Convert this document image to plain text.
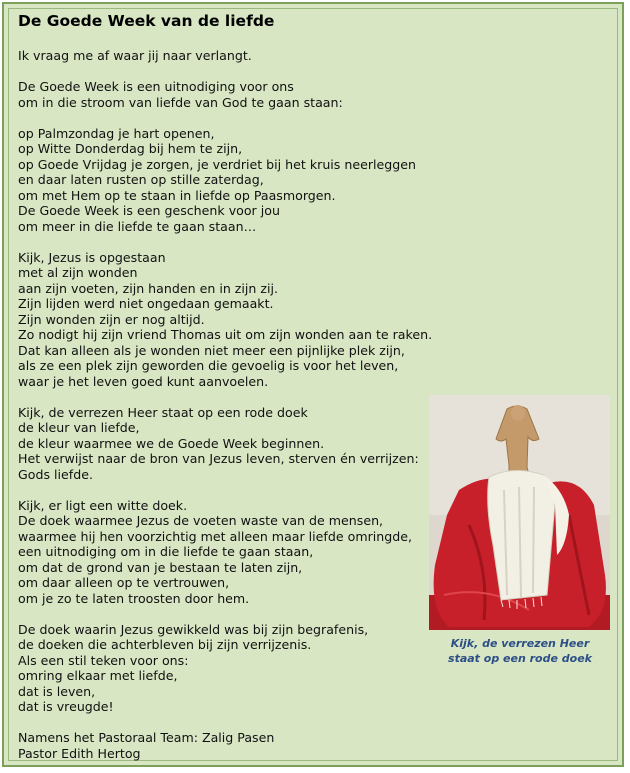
De Goede Week van de liefde
Ik vraag me af waar jij naar verlangt.
De Goede Week is een uitnodiging voor ons
om in die stroom van liefde van God te gaan staan:
op Palmzondag je hart openen,
op Witte Donderdag bij hem te zijn,
op Goede Vrijdag je zorgen, je verdriet bij het kruis neerleggen
en daar laten rusten op stille zaterdag,
om met Hem op te staan in liefde op Paasmorgen.
De Goede Week is een geschenk voor jou
om meer in die liefde te gaan staan…
Kijk, Jezus is opgestaan
met al zijn wonden
aan zijn voeten, zijn handen en in zijn zij.
Zijn lijden werd niet ongedaan gemaakt.
Zijn wonden zijn er nog altijd.
Zo nodigt hij zijn vriend Thomas uit om zijn wonden aan te raken.
Dat kan alleen als je wonden niet meer een pijnlijke plek zijn,
als ze een plek zijn geworden die gevoelig is voor het leven,
waar je het leven goed kunt aanvoelen.
Kijk, de verrezen Heer staat op een rode doek
de kleur van liefde,
de kleur waarmee we de Goede Week beginnen.
Het verwijst naar de bron van Jezus leven, sterven én verrijzen:
Gods liefde.
Kijk, er ligt een witte doek.
De doek waarmee Jezus de voeten waste van de mensen,
waarmee hij hen voorzichtig met alleen maar liefde omringde,
een uitnodiging om in die liefde te gaan staan,
om dat de grond van je bestaan te laten zijn,
om daar alleen op te vertrouwen,
om je zo te laten troosten door hem.
De doek waarin Jezus gewikkeld was bij zijn begrafenis,
de doeken die achterbleven bij zijn verrijzenis.
Als een stil teken voor ons:
omring elkaar met liefde,
dat is leven,
dat is vreugde!
Namens het Pastoraal Team: Zalig Pasen
Pastor Edith Hertog
Kijk, de verrezen Heer
staat op een rode doek
